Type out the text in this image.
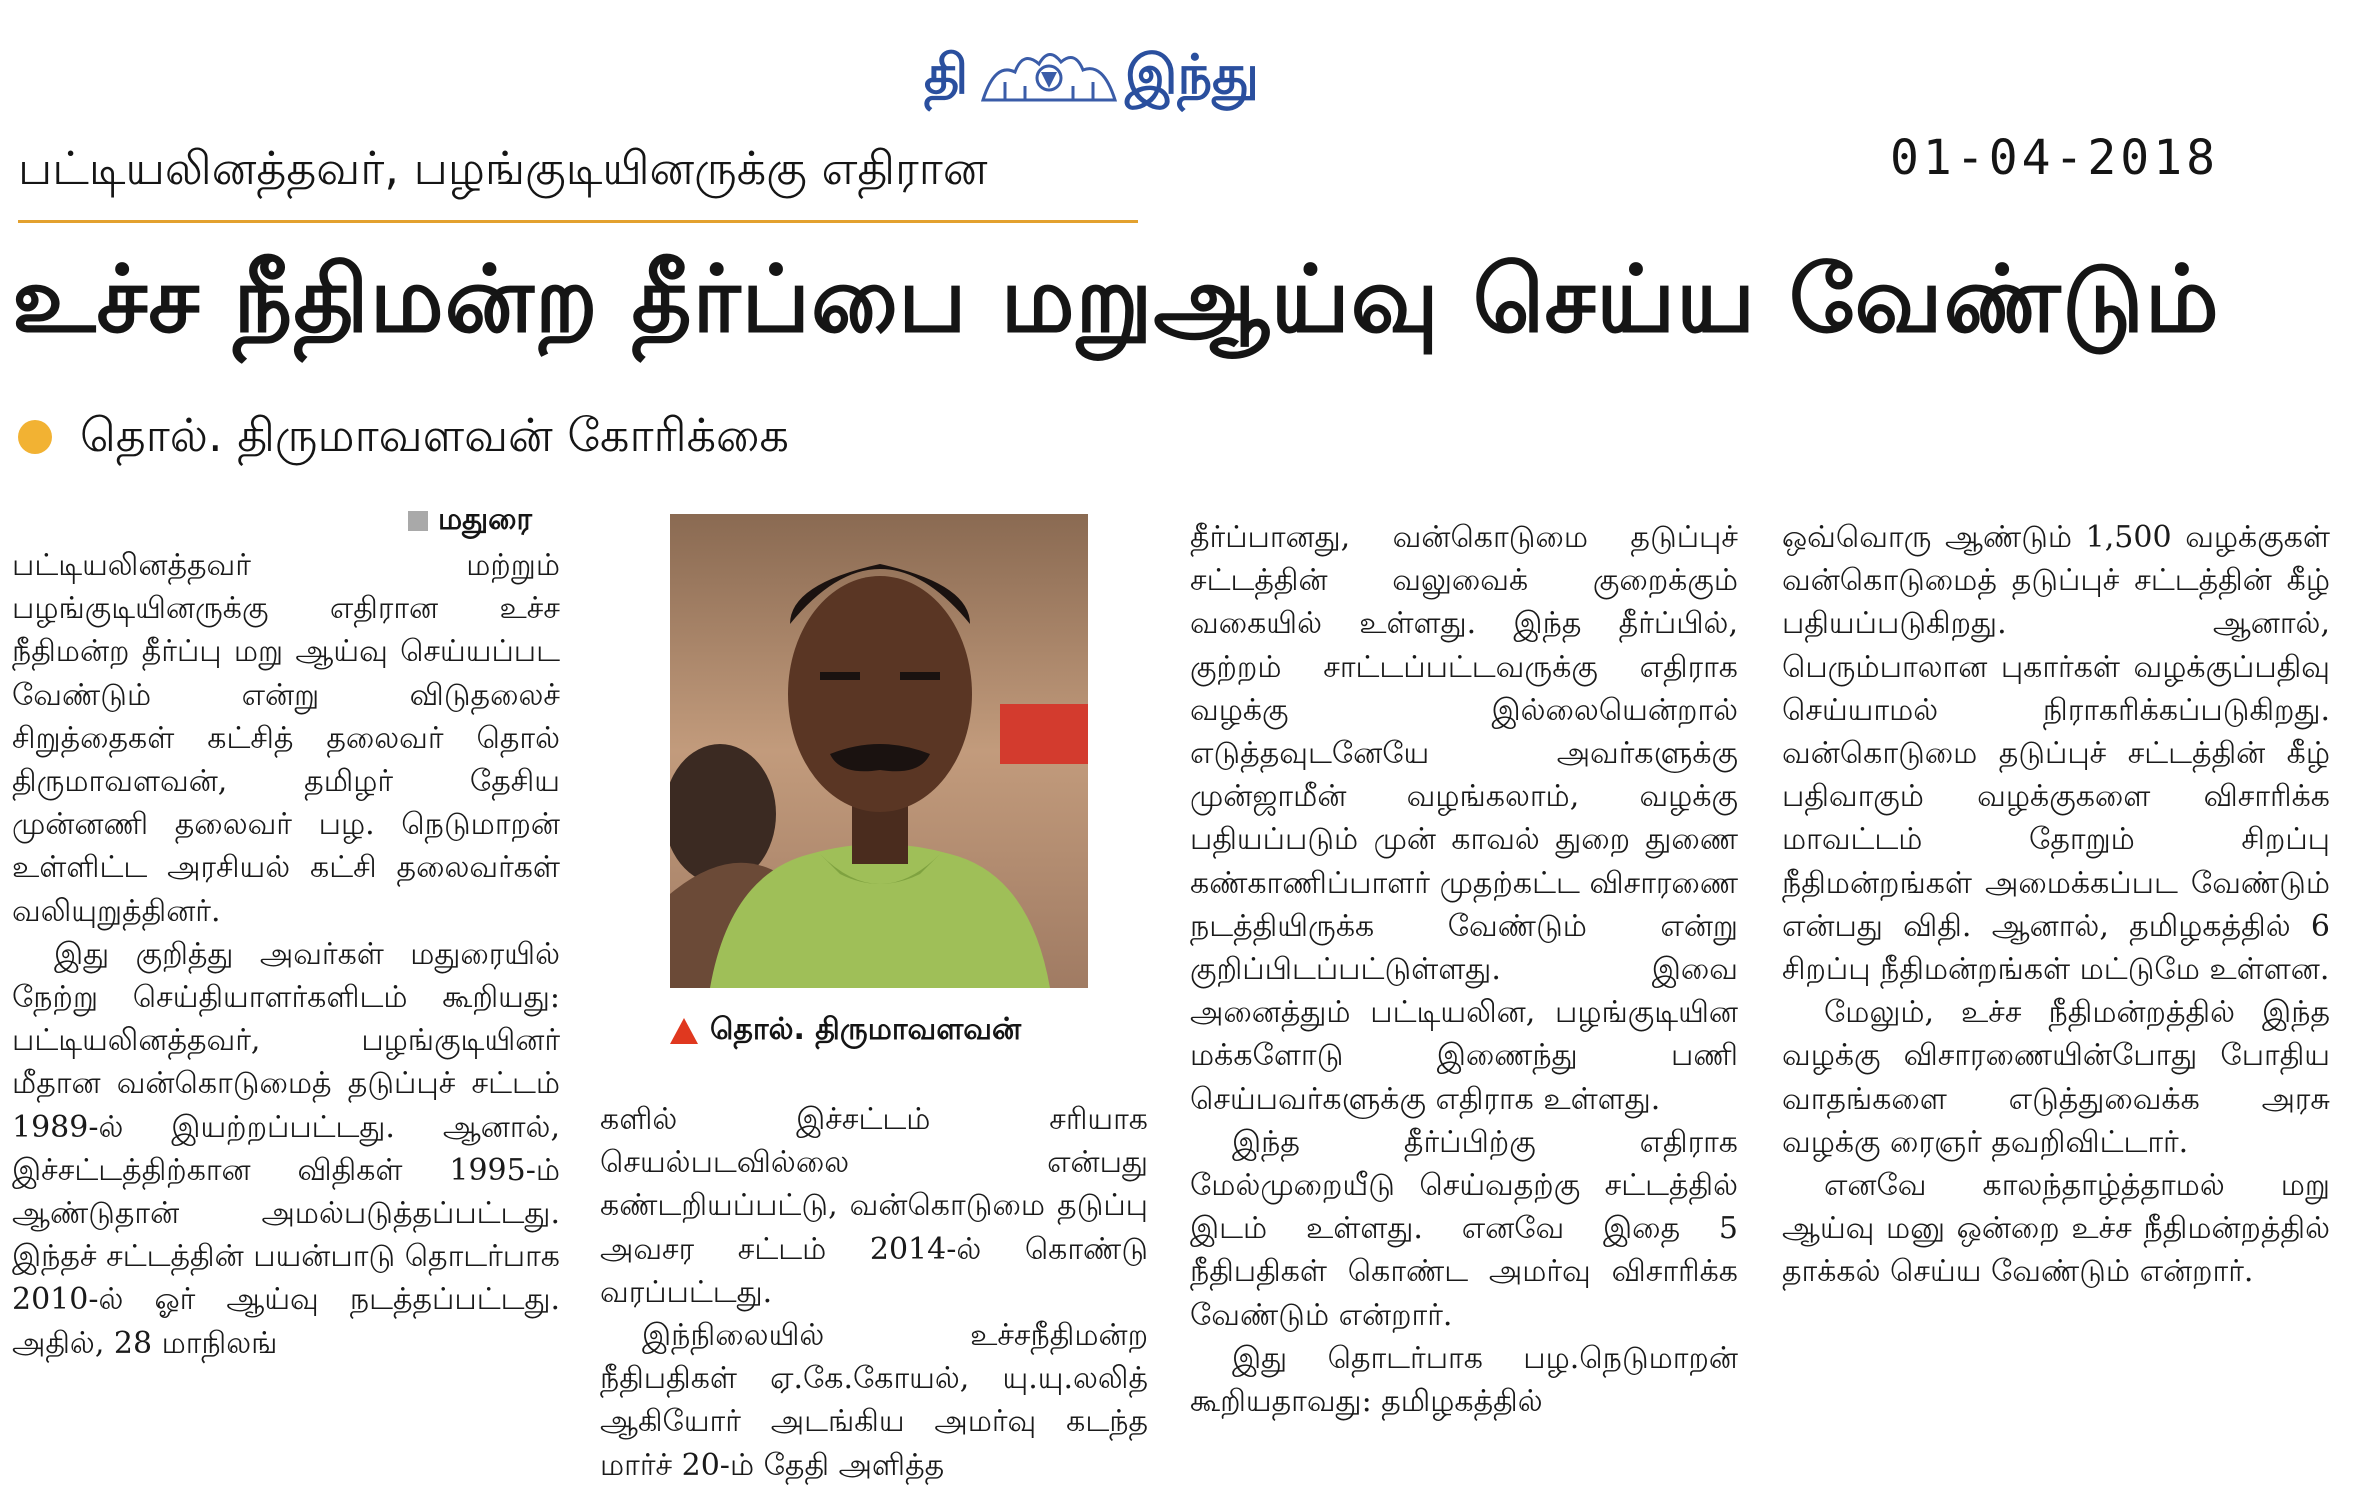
தி	இந்து
பட்டியலினத்தவர், பழங்குடியினருக்கு எதிரான	01-04-2018
உச்ச நீதிமன்ற தீர்ப்பை மறுஆய்வு செய்ய வேண்டும்
தொல். திருமாவளவன் கோரிக்கை
மதுரை

பட்டியலினத்தவர் மற்றும் பழங்குடியினருக்கு எதிரான உச்ச நீதிமன்ற தீர்ப்பு மறு ஆய்வு செய்யப்பட வேண்டும் என்று விடுதலைச் சிறுத்தைகள் கட்சித் தலைவர் தொல் திருமாவளவன், தமிழர் தேசிய முன்னணி தலைவர் பழ. நெடுமாறன் உள்ளிட்ட அரசியல் கட்சி தலைவர்கள் வலியுறுத்தினர்.

இது குறித்து அவர்கள் மதுரையில் நேற்று செய்தியாளர்களிடம் கூறியது: பட்டியலினத்தவர், பழங்குடியினர் மீதான வன்கொடுமைத் தடுப்புச் சட்டம் 1989-ல் இயற்றப்பட்டது. ஆனால், இச்சட்டத்திற்கான விதிகள் 1995-ம் ஆண்டுதான் அமல்படுத்தப்பட்டது. இந்தச் சட்டத்தின் பயன்பாடு தொடர்பாக 2010-ல் ஓர் ஆய்வு நடத்தப்பட்டது. அதில், 28 மாநிலங்

தொல். திருமாவளவன்

களில் இச்சட்டம் சரியாக செயல்படவில்லை என்பது கண்டறியப்பட்டு, வன்கொடுமை தடுப்பு அவசர சட்டம் 2014-ல் கொண்டு வரப்பட்டது.

இந்நிலையில் உச்சநீதிமன்ற நீதிபதிகள் ஏ.கே.கோயல், யு.யு.லலித் ஆகியோர் அடங்கிய அமர்வு கடந்த மார்ச் 20-ம் தேதி அளித்த

தீர்ப்பானது, வன்கொடுமை தடுப்புச் சட்டத்தின் வலுவைக் குறைக்கும் வகையில் உள்ளது. இந்த தீர்ப்பில், குற்றம் சாட்டப்பட்டவருக்கு எதிராக வழக்கு இல்லையென்றால் எடுத்தவுடனேயே அவர்களுக்கு முன்ஜாமீன் வழங்கலாம், வழக்கு பதியப்படும் முன் காவல் துறை துணை கண்காணிப்பாளர் முதற்கட்ட விசாரணை நடத்தியிருக்க வேண்டும் என்று குறிப்பிடப்பட்டுள்ளது. இவை அனைத்தும் பட்டியலின, பழங்குடியின மக்களோடு இணைந்து பணி செய்பவர்களுக்கு எதிராக உள்ளது.

இந்த தீர்ப்பிற்கு எதிராக மேல்முறையீடு செய்வதற்கு சட்டத்தில் இடம் உள்ளது. எனவே இதை 5 நீதிபதிகள் கொண்ட அமர்வு விசாரிக்க வேண்டும் என்றார்.

இது தொடர்பாக பழ.நெடுமாறன் கூறியதாவது: தமிழகத்தில்

ஒவ்வொரு ஆண்டும் 1,500 வழக்குகள் வன்கொடுமைத் தடுப்புச் சட்டத்தின் கீழ் பதியப்படுகிறது. ஆனால், பெரும்பாலான புகார்கள் வழக்குப்பதிவு செய்யாமல் நிராகரிக்கப்படுகிறது. வன்கொடுமை தடுப்புச் சட்டத்தின் கீழ் பதிவாகும் வழக்குகளை விசாரிக்க மாவட்டம் தோறும் சிறப்பு நீதிமன்றங்கள் அமைக்கப்பட வேண்டும் என்பது விதி. ஆனால், தமிழகத்தில் 6 சிறப்பு நீதிமன்றங்கள் மட்டுமே உள்ளன.

மேலும், உச்ச நீதிமன்றத்தில் இந்த வழக்கு விசாரணையின்போது போதிய வாதங்களை எடுத்துவைக்க அரசு வழக்கு ரைஞர் தவறிவிட்டார்.

எனவே காலந்தாழ்த்தாமல் மறு ஆய்வு மனு ஒன்றை உச்ச நீதிமன்றத்தில் தாக்கல் செய்ய வேண்டும் என்றார்.
